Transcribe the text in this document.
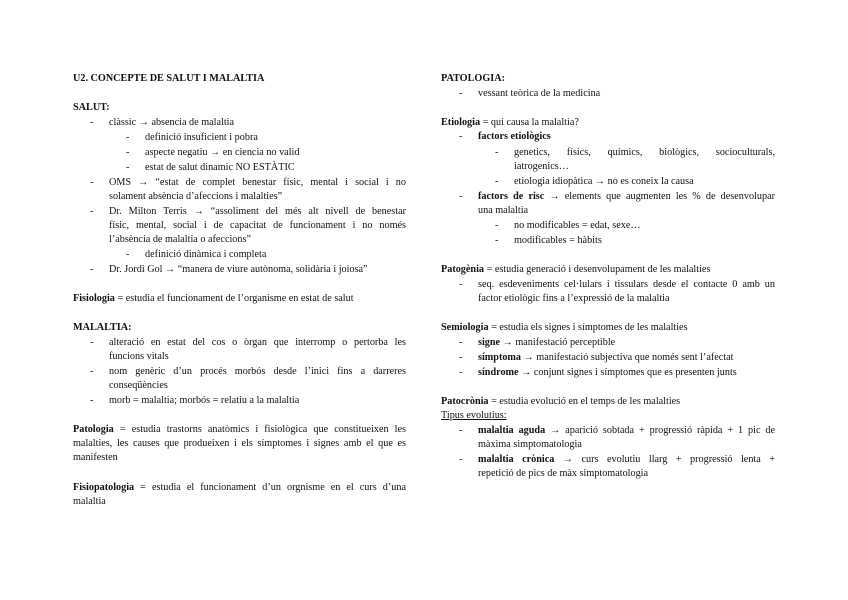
U2. CONCEPTE DE SALUT I MALALTIA
SALUT:
- clàssic → absencia de malaltia
- definició insuficient i pobra
- aspecte negatiu → en ciencia no valid
- estat de salut dinamic NO ESTÀTIC
- OMS → “estat de complet benestar físic, mental i social i no
solament absència d’afeccions i malalties”
- Dr. Milton Terris → “assoliment del més alt nivell de benestar
físic, mental, social i de capacitat de funcionament i no només
l’absència de malaltia o afeccions”
- definició dinàmica i completa
- Dr. Jordi Gol → “manera de viure autònoma, solidària i joiosa”
Fisiologia = estudia el funcionament de l’organisme en estat de salut
MALALTIA:
- alteració en estat del cos o òrgan que interromp o pertorba les
funcions vitals
- nom genèric d’un procés morbós desde l’inici fins a darreres
conseqüències
- morb = malaltia; morbós = relatiu a la malaltia
Patologia = estudia trastorns anatòmics i fisiològica que constitueixen les
malalties, les causes que produeixen i els símptomes i signes amb el que es
manifesten
Fisiopatologia = estudia el funcionament d’un orgnisme en el curs d’una
malaltia
PATOLOGIA:
- vessant teòrica de la medicina
Etiologia = qui causa la malaltia?
- factors etiològics
- genetics, físics, químics, biològics, socioculturals,
iatrogenics…
- etiologia idiopàtica → no es coneix la causa
- factors de risc → elements que augmenten les % de desenvolupar
una malaltia
- no modificables = edat, sexe…
- modificables = hàbits
Patogènia = estudia generació i desenvolupament de les malalties
- seq. esdeveniments cel·lulars i tissulars desde el contacte 0 amb un
factor etiològic fins a l’expressió de la malaltia
Semiologia = estudia els signes i símptomes de les malalties
- signe → manifestació perceptible
- símptoma → manifestació subjectiva que només sent l’afectat
- síndrome → conjunt signes i símptomes que es presenten junts
Patocrònia = estudia evolució en el temps de les malalties
Tipus evolutius:
- malaltia aguda → aparició sobtada + progressió ràpida + 1 pic de
màxima simptomatologia
- malaltia crònica → curs evolutiu llarg + progressió lenta +
repetició de pics de màx simptomatologia
